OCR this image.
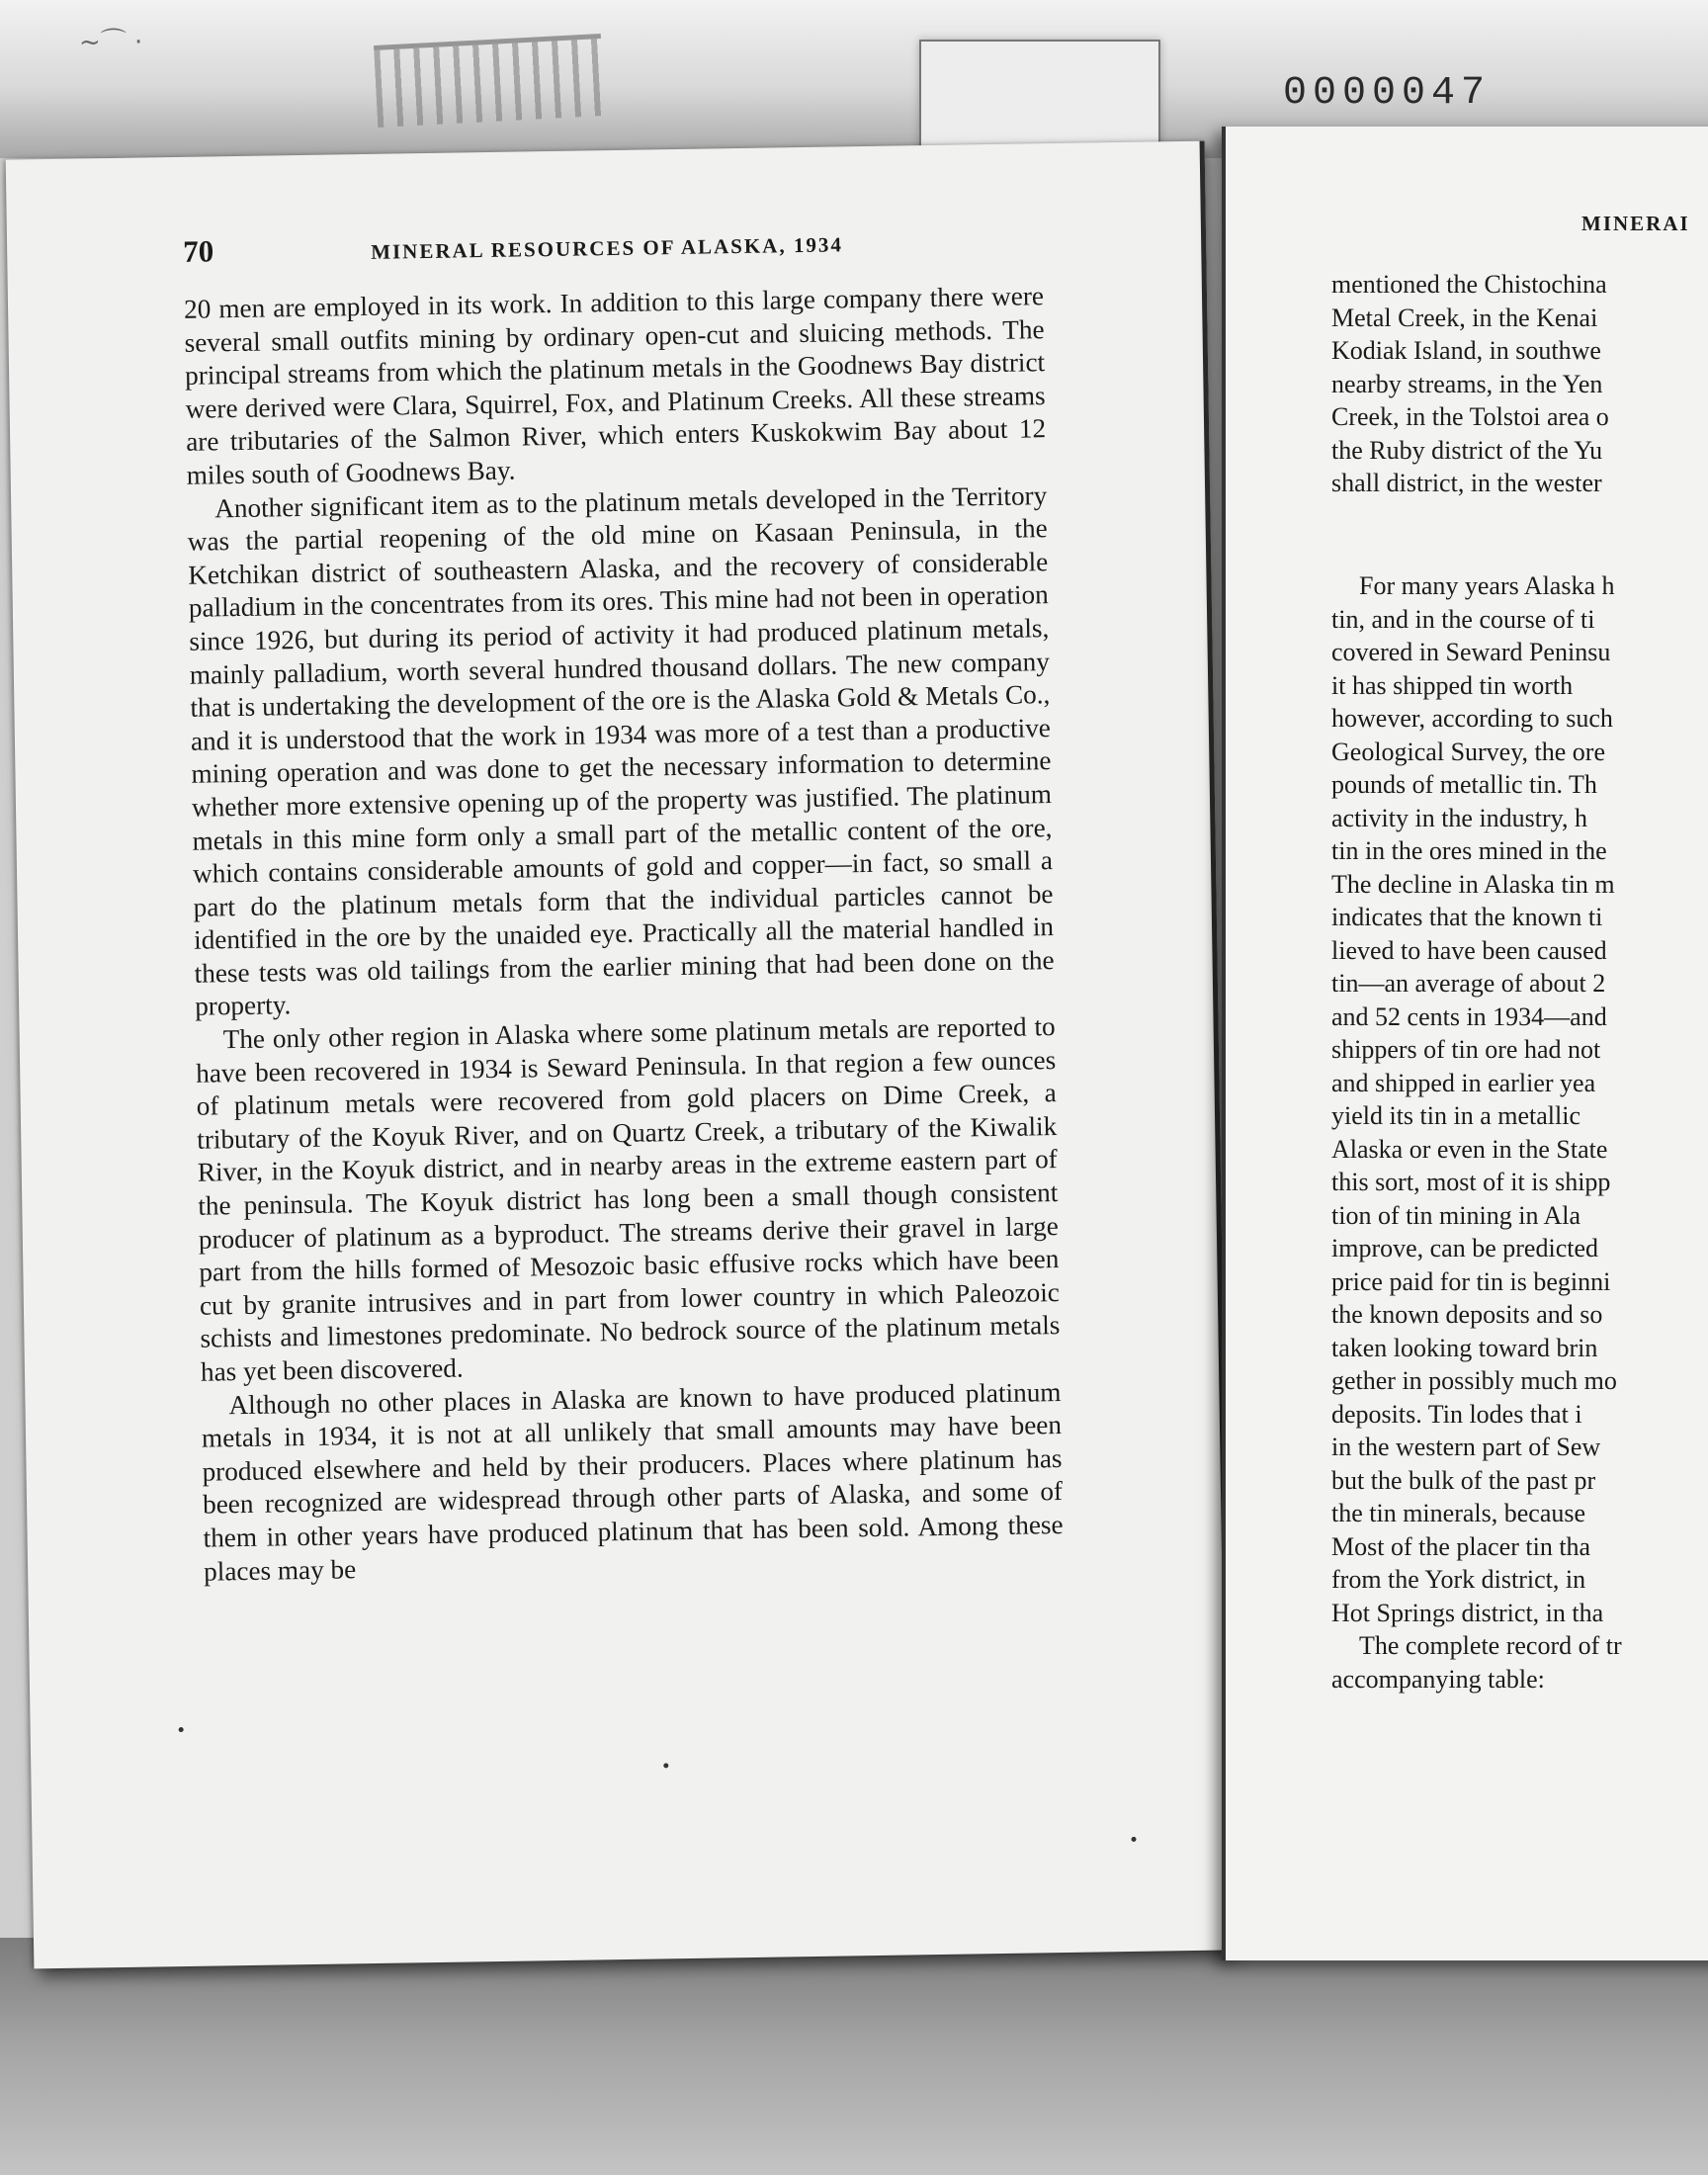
~⌒ ·
0000047
70	MINERAL RESOURCES OF ALASKA, 1934

20 men are employed in its work. In addition to this large company there were several small outfits mining by ordinary open-cut and sluicing methods. The principal streams from which the platinum metals in the Goodnews Bay district were derived were Clara, Squirrel, Fox, and Platinum Creeks. All these streams are tributaries of the Salmon River, which enters Kuskokwim Bay about 12 miles south of Goodnews Bay.

Another significant item as to the platinum metals developed in the Territory was the partial reopening of the old mine on Kasaan Peninsula, in the Ketchikan district of southeastern Alaska, and the recovery of considerable palladium in the concentrates from its ores. This mine had not been in operation since 1926, but during its period of activity it had produced platinum metals, mainly palladium, worth several hundred thousand dollars. The new company that is undertaking the development of the ore is the Alaska Gold & Metals Co., and it is understood that the work in 1934 was more of a test than a productive mining operation and was done to get the necessary information to determine whether more extensive opening up of the property was justified. The platinum metals in this mine form only a small part of the metallic content of the ore, which contains considerable amounts of gold and copper—in fact, so small a part do the platinum metals form that the individual particles cannot be identified in the ore by the unaided eye. Practically all the material handled in these tests was old tailings from the earlier mining that had been done on the property.

The only other region in Alaska where some platinum metals are reported to have been recovered in 1934 is Seward Peninsula. In that region a few ounces of platinum metals were recovered from gold placers on Dime Creek, a tributary of the Koyuk River, and on Quartz Creek, a tributary of the Kiwalik River, in the Koyuk district, and in nearby areas in the extreme eastern part of the peninsula. The Koyuk district has long been a small though consistent producer of platinum as a byproduct. The streams derive their gravel in large part from the hills formed of Mesozoic basic effusive rocks which have been cut by granite intrusives and in part from lower country in which Paleozoic schists and limestones predominate. No bedrock source of the platinum metals has yet been discovered.

Although no other places in Alaska are known to have produced platinum metals in 1934, it is not at all unlikely that small amounts may have been produced elsewhere and held by their producers. Places where platinum has been recognized are widespread through other parts of Alaska, and some of them in other years have produced platinum that has been sold. Among these places may be

MINERAI
mentioned the Chistochina
Metal Creek, in the Kenai
Kodiak Island, in southwe
nearby streams, in the Yen
Creek, in the Tolstoi area o
the Ruby district of the Yu
shall district, in the wester
For many years Alaska h
tin, and in the course of ti
covered in Seward Peninsu
it has shipped tin worth
however, according to such
Geological Survey, the ore
pounds of metallic tin. Th
activity in the industry, h
tin in the ores mined in the
The decline in Alaska tin m
indicates that the known ti
lieved to have been caused
tin—an average of about 2
and 52 cents in 1934—and
shippers of tin ore had not
and shipped in earlier yea
yield its tin in a metallic
Alaska or even in the State
this sort, most of it is shipp
tion of tin mining in Ala
improve, can be predicted
price paid for tin is beginni
the known deposits and so
taken looking toward brin
gether in possibly much mo
deposits. Tin lodes that i
in the western part of Sew
but the bulk of the past pr
the tin minerals, because
Most of the placer tin tha
from the York district, in
Hot Springs district, in tha
The complete record of tr
accompanying table:
